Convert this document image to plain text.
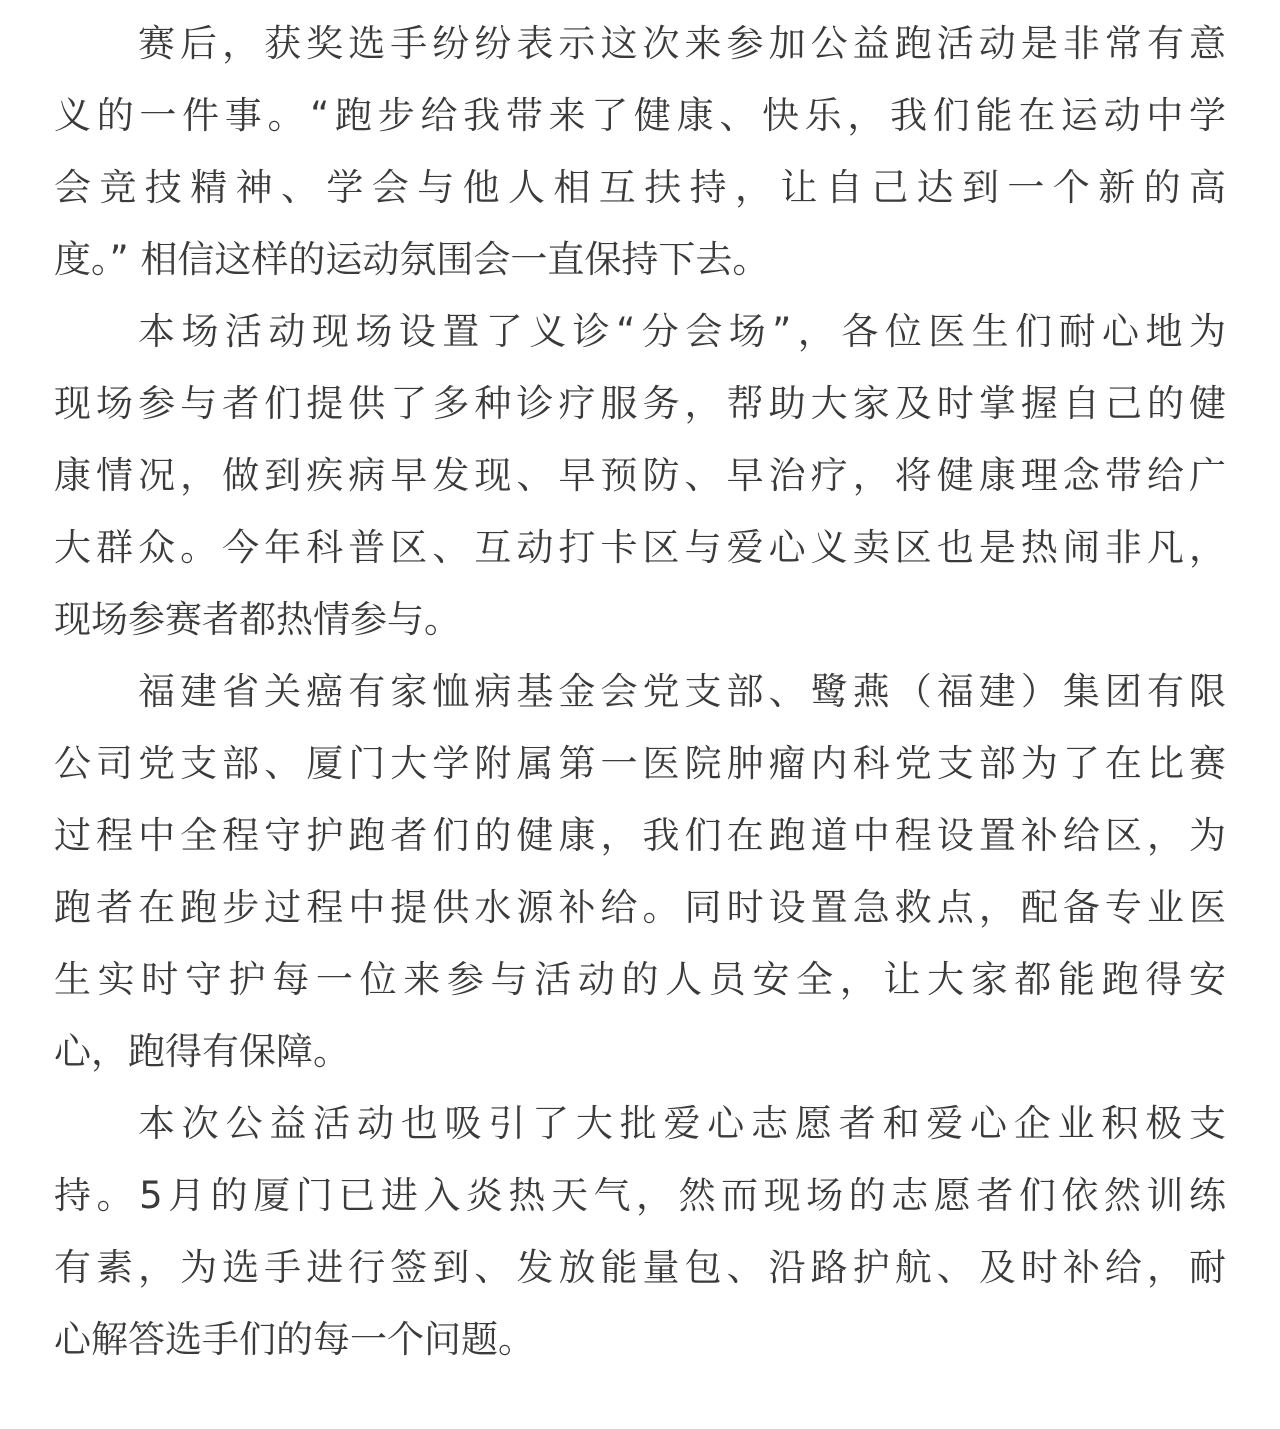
赛后，获奖选手纷纷表示这次来参加公益跑活动是非常有意
义的一件事。“跑步给我带来了健康、快乐，我们能在运动中学
会竞技精神、学会与他人相互扶持，让自己达到一个新的高
度。” 相信这样的运动氛围会一直保持下去。
本场活动现场设置了义诊“分会场”，各位医生们耐心地为
现场参与者们提供了多种诊疗服务，帮助大家及时掌握自己的健
康情况，做到疾病早发现、早预防、早治疗，将健康理念带给广
大群众。今年科普区、互动打卡区与爱心义卖区也是热闹非凡，
现场参赛者都热情参与。
福建省关癌有家恤病基金会党支部、鹭燕（福建）集团有限
公司党支部、厦门大学附属第一医院肿瘤内科党支部为了在比赛
过程中全程守护跑者们的健康，我们在跑道中程设置补给区，为
跑者在跑步过程中提供水源补给。同时设置急救点，配备专业医
生实时守护每一位来参与活动的人员安全，让大家都能跑得安
心，跑得有保障。
本次公益活动也吸引了大批爱心志愿者和爱心企业积极支
持。5月的厦门已进入炎热天气，然而现场的志愿者们依然训练
有素，为选手进行签到、发放能量包、沿路护航、及时补给，耐
心解答选手们的每一个问题。
